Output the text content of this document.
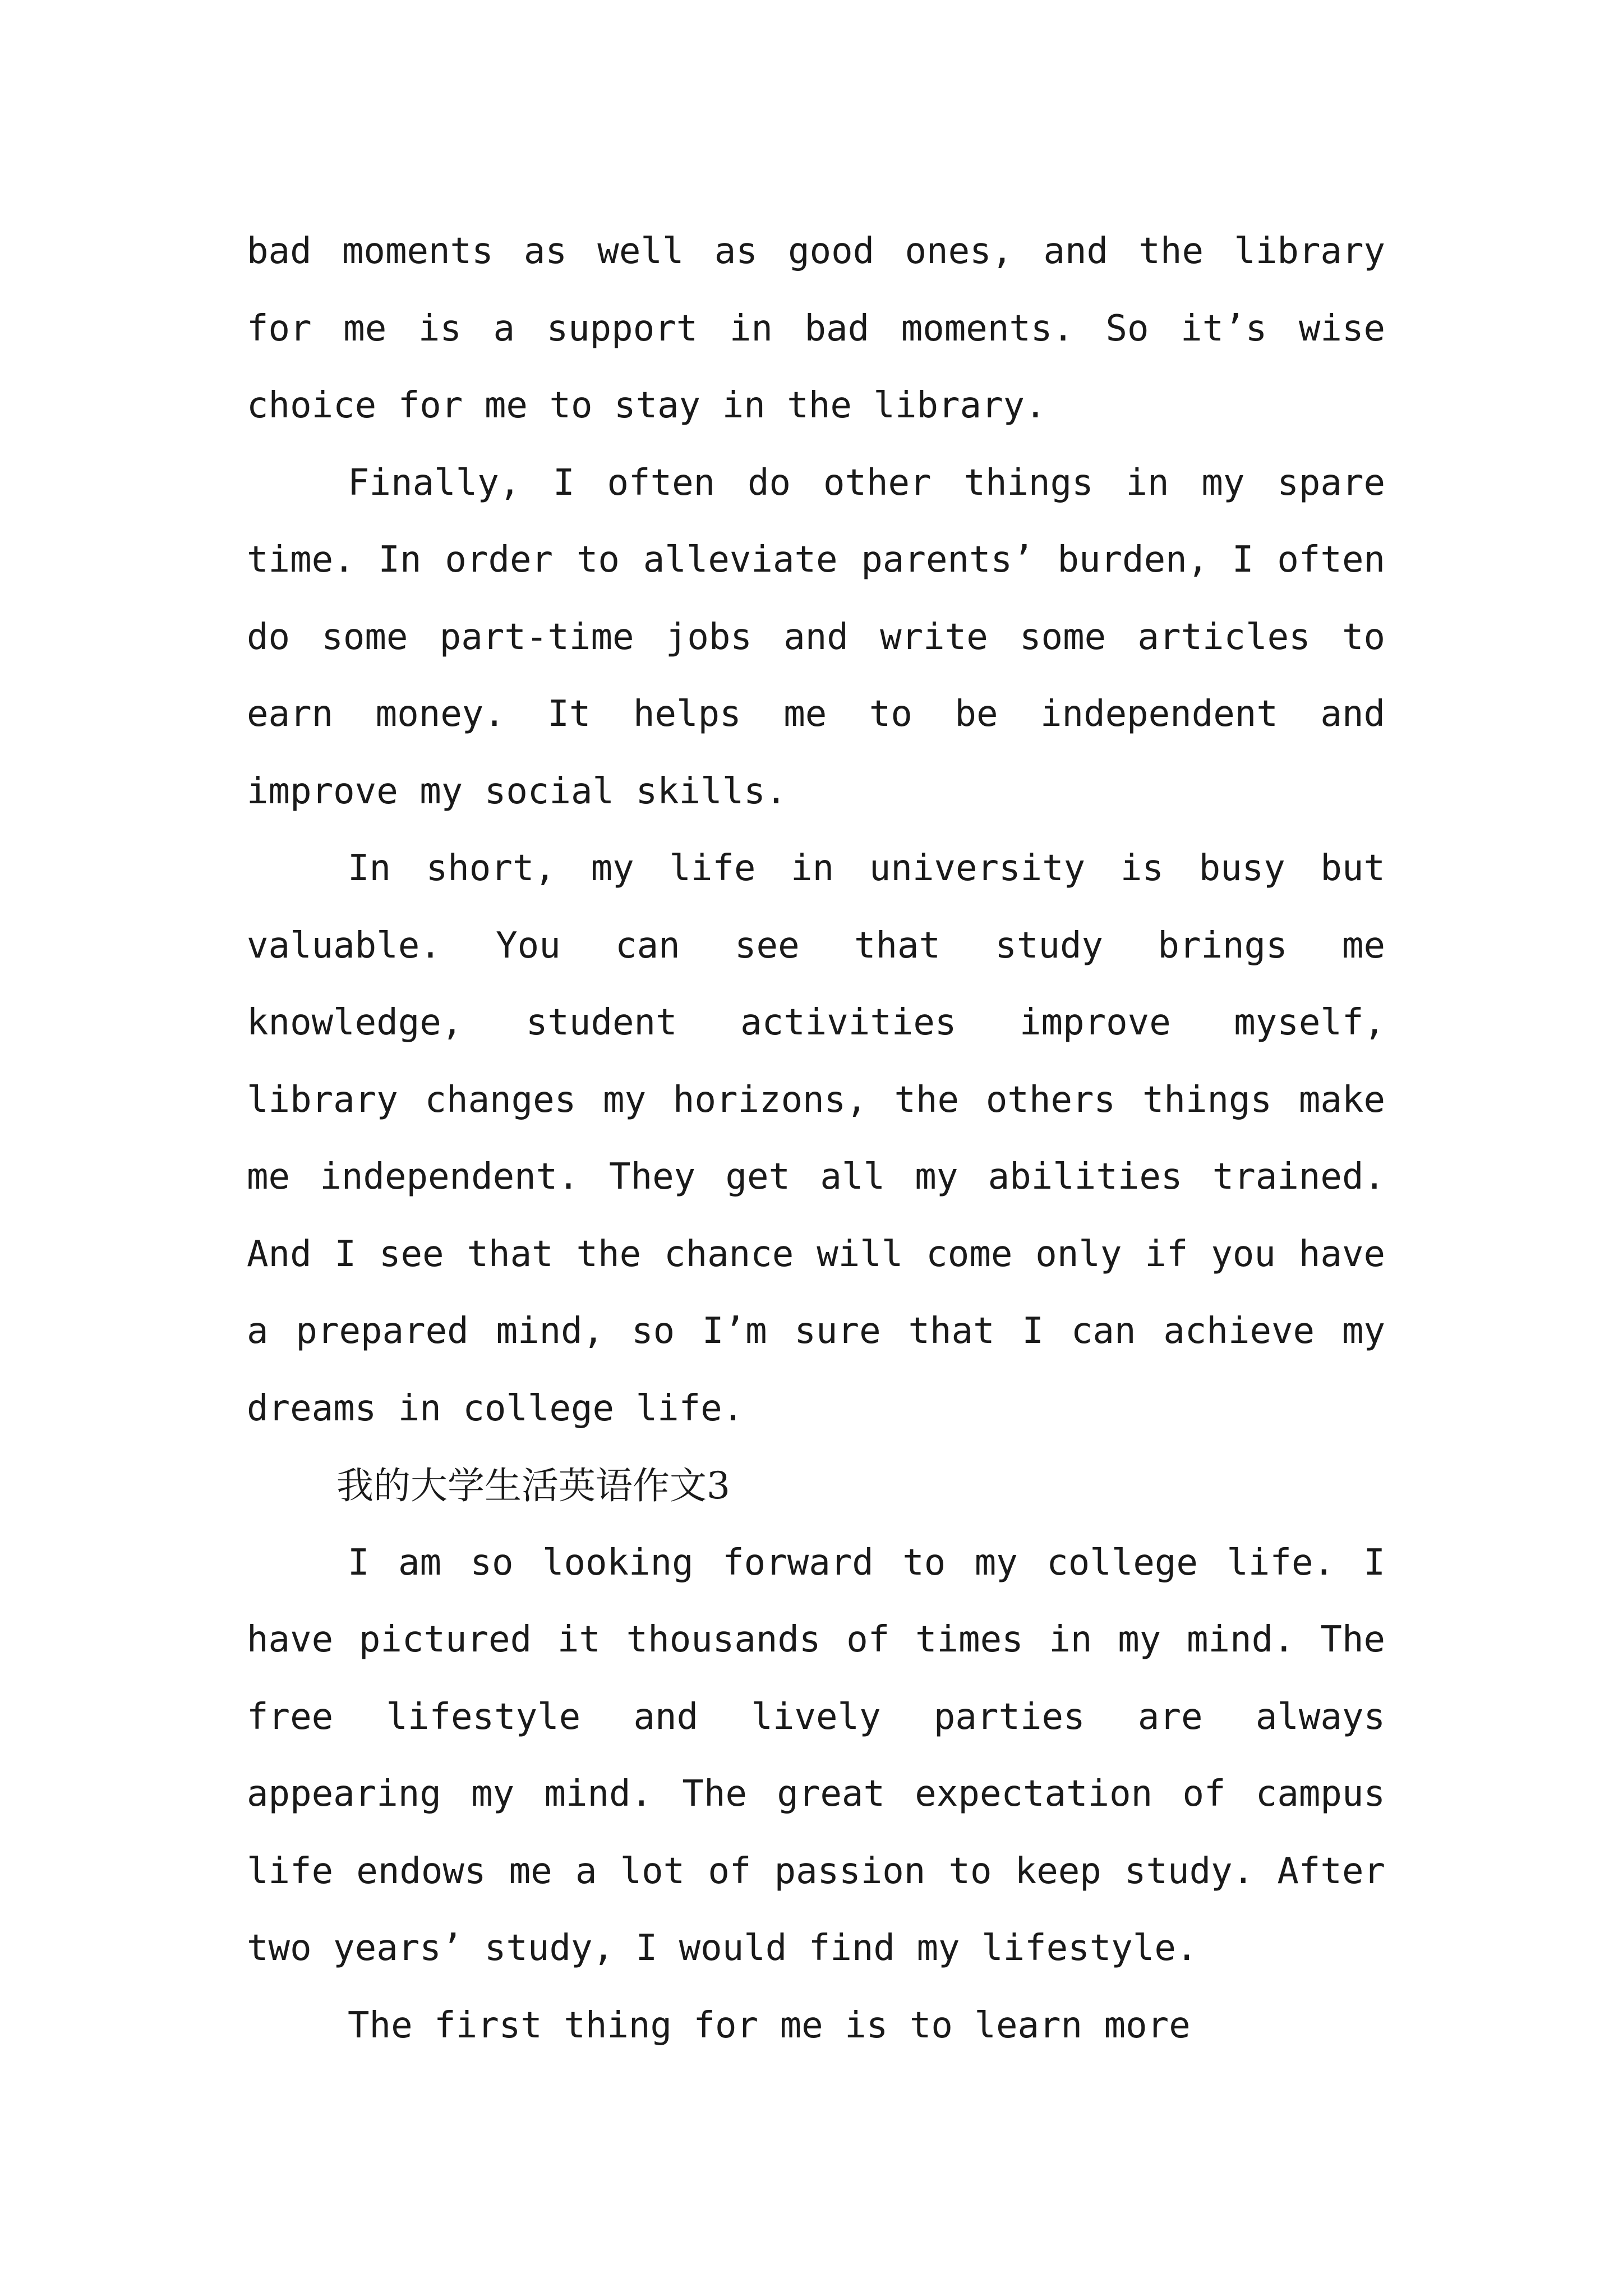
bad moments as well as good ones, and the library for me is a support in bad moments. So it’s wise choice for me to stay in the library.

Finally, I often do other things in my spare time. In order to alleviate parents’ burden, I often do some part-time jobs and write some articles to earn money. It helps me to be independent and improve my social skills.

In short, my life in university is busy but valuable. You can see that study brings me knowledge, student activities improve myself, library changes my horizons, the others things make me independent. They get all my abilities trained. And I see that the chance will come only if you have a prepared mind, so I’m sure that I can achieve my dreams in college life.

我的大学生活英语作文3

I am so looking forward to my college life. I have pictured it thousands of times in my mind. The free lifestyle and lively parties are always appearing my mind. The great expectation of campus life endows me a lot of passion to keep study. After two years’ study, I would find my lifestyle.

The first thing for me is to learn more
